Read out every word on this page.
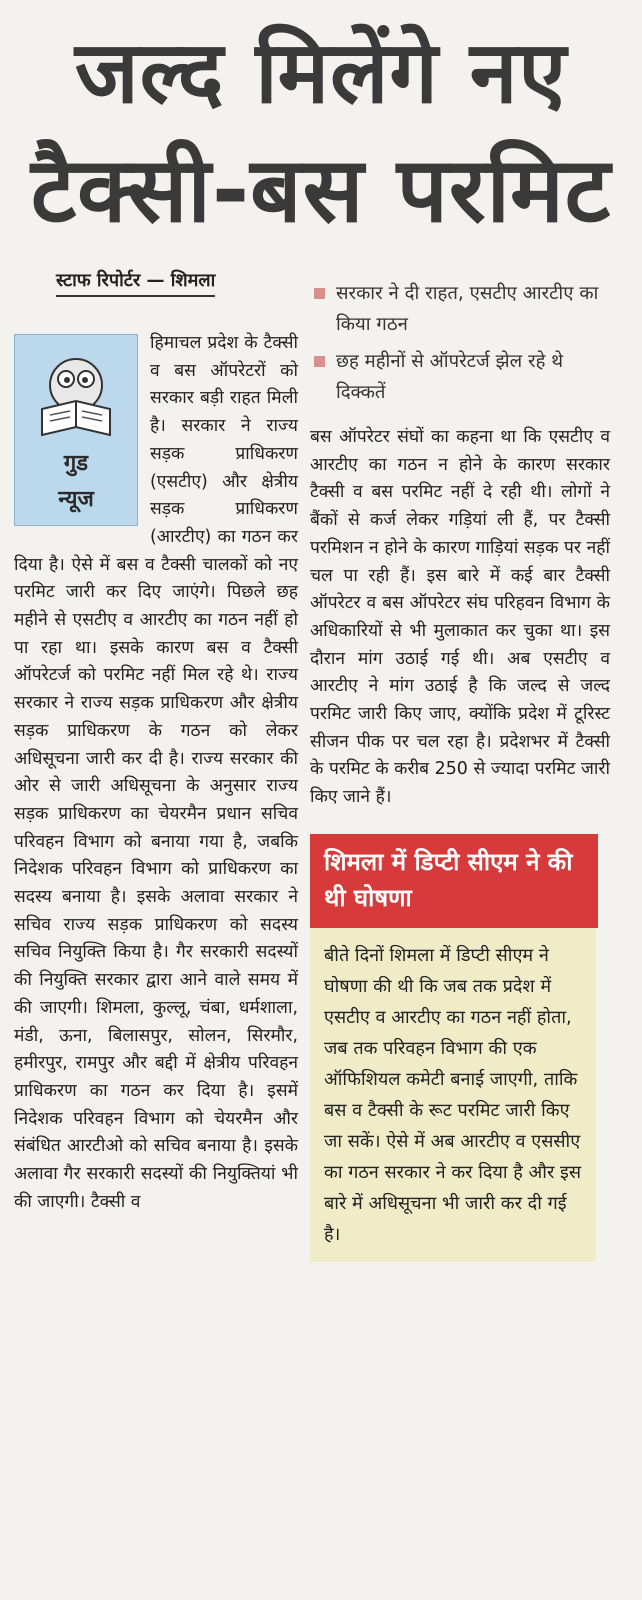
जल्द मिलेंगे नए
टैक्सी-बस परमिट
स्टाफ रिपोर्टर — शिमला
गुड
न्यूज

हिमाचल प्रदेश के टैक्सी व बस ऑपरेटरों को सरकार बड़ी राहत मिली है। सरकार ने राज्य सड़क प्राधिकरण (एसटीए) और क्षेत्रीय सड़क प्राधिकरण (आरटीए) का गठन कर दिया है। ऐसे में बस व टैक्सी चालकों को नए परमिट जारी कर दिए जाएंगे। पिछले छह महीने से एसटीए व आरटीए का गठन नहीं हो पा रहा था। इसके कारण बस व टैक्सी ऑपरेटर्ज को परमिट नहीं मिल रहे थे। राज्य सरकार ने राज्य सड़क प्राधिकरण और क्षेत्रीय सड़क प्राधिकरण के गठन को लेकर अधिसूचना जारी कर दी है। राज्य सरकार की ओर से जारी अधिसूचना के अनुसार राज्य सड़क प्राधिकरण का चेयरमैन प्रधान सचिव परिवहन विभाग को बनाया गया है, जबकि निदेशक परिवहन विभाग को प्राधिकरण का सदस्य बनाया है। इसके अलावा सरकार ने सचिव राज्य सड़क प्राधिकरण को सदस्य सचिव नियुक्ति किया है। गैर सरकारी सदस्यों की नियुक्ति सरकार द्वारा आने वाले समय में की जाएगी। शिमला, कुल्लू, चंबा, धर्मशाला, मंडी, ऊना, बिलासपुर, सोलन, सिरमौर, हमीरपुर, रामपुर और बद्दी में क्षेत्रीय परिवहन प्राधिकरण का गठन कर दिया है। इसमें निदेशक परिवहन विभाग को चेयरमैन और संबंधित आरटीओ को सचिव बनाया है। इसके अलावा गैर सरकारी सदस्यों की नियुक्तियां भी की जाएगी। टैक्सी व

सरकार ने दी राहत, एसटीए आरटीए का किया गठन
छह महीनों से ऑपरेटर्ज झेल रहे थे दिक्कतें

बस ऑपरेटर संघों का कहना था कि एसटीए व आरटीए का गठन न होने के कारण सरकार टैक्सी व बस परमिट नहीं दे रही थी। लोगों ने बैंकों से कर्ज लेकर गड़ियां ली हैं, पर टैक्सी परमिशन न होने के कारण गाड़ियां सड़क पर नहीं चल पा रही हैं। इस बारे में कई बार टैक्सी ऑपरेटर व बस ऑपरेटर संघ परिहवन विभाग के अधिकारियों से भी मुलाकात कर चुका था। इस दौरान मांग उठाई गई थी। अब एसटीए व आरटीए ने मांग उठाई है कि जल्द से जल्द परमिट जारी किए जाए, क्योंकि प्रदेश में टूरिस्ट सीजन पीक पर चल रहा है। प्रदेशभर में टैक्सी के परमिट के करीब 250 से ज्यादा परमिट जारी किए जाने हैं।

शिमला में डिप्टी सीएम ने की थी घोषणा
बीते दिनों शिमला में डिप्टी सीएम ने घोषणा की थी कि जब तक प्रदेश में एसटीए व आरटीए का गठन नहीं होता, जब तक परिवहन विभाग की एक ऑफिशियल कमेटी बनाई जाएगी, ताकि बस व टैक्सी के रूट परमिट जारी किए जा सकें। ऐसे में अब आरटीए व एससीए का गठन सरकार ने कर दिया है और इस बारे में अधिसूचना भी जारी कर दी गई है।
